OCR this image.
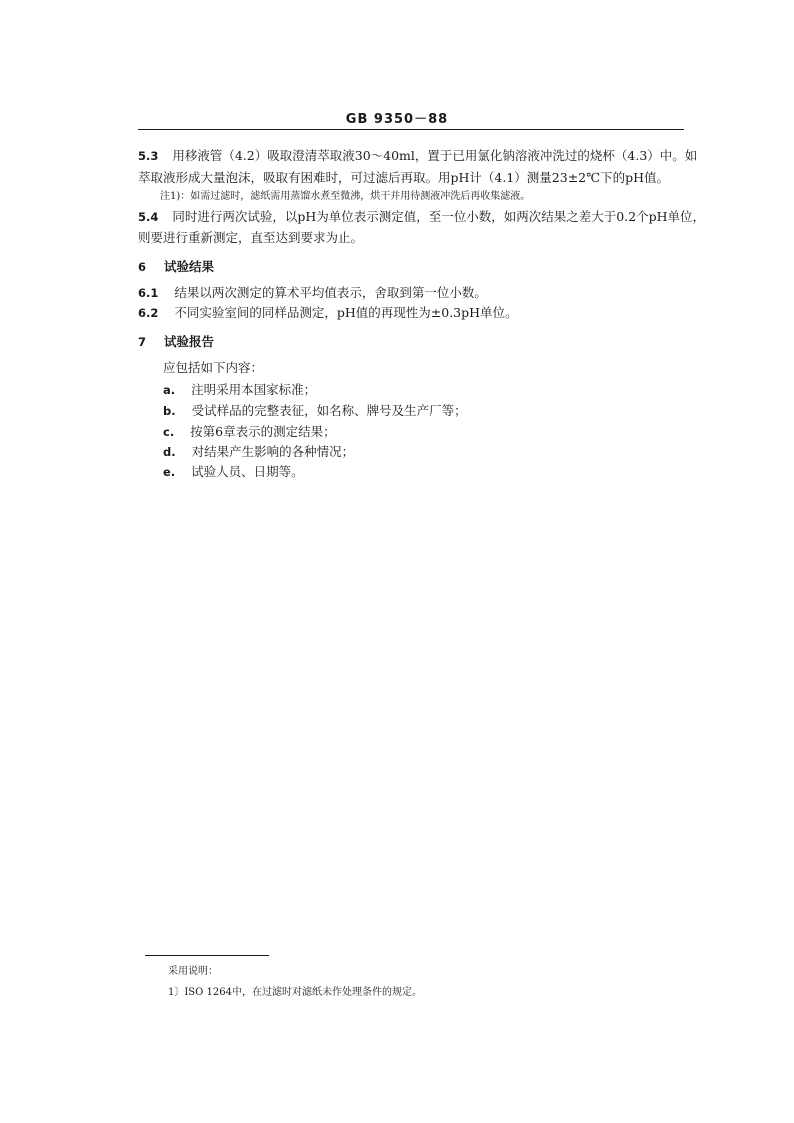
GB 9350－88
5.3 用移液管（4.2）吸取澄清萃取液30～40ml，置于已用氯化钠溶液冲洗过的烧杯（4.3）中。如
萃取液形成大量泡沫，吸取有困难时，可过滤后再取。用pH计（4.1）测量23±2℃下的pH值。
注1)：如需过滤时，滤纸需用蒸馏水煮至微沸，烘干并用待测液冲洗后再收集滤液。
5.4 同时进行两次试验，以pH为单位表示测定值，至一位小数，如两次结果之差大于0.2个pH单位，
则要进行重新测定，直至达到要求为止。
6 试验结果
6.1 结果以两次测定的算术平均值表示，舍取到第一位小数。
6.2 不同实验室间的同样品测定，pH值的再现性为±0.3pH单位。
7 试验报告
应包括如下内容：
a. 注明采用本国家标准；
b. 受试样品的完整表征，如名称、牌号及生产厂等；
c. 按第6章表示的测定结果；
d. 对结果产生影响的各种情况；
e. 试验人员、日期等。
采用说明：
1〕ISO 1264中，在过滤时对滤纸未作处理条件的规定。
